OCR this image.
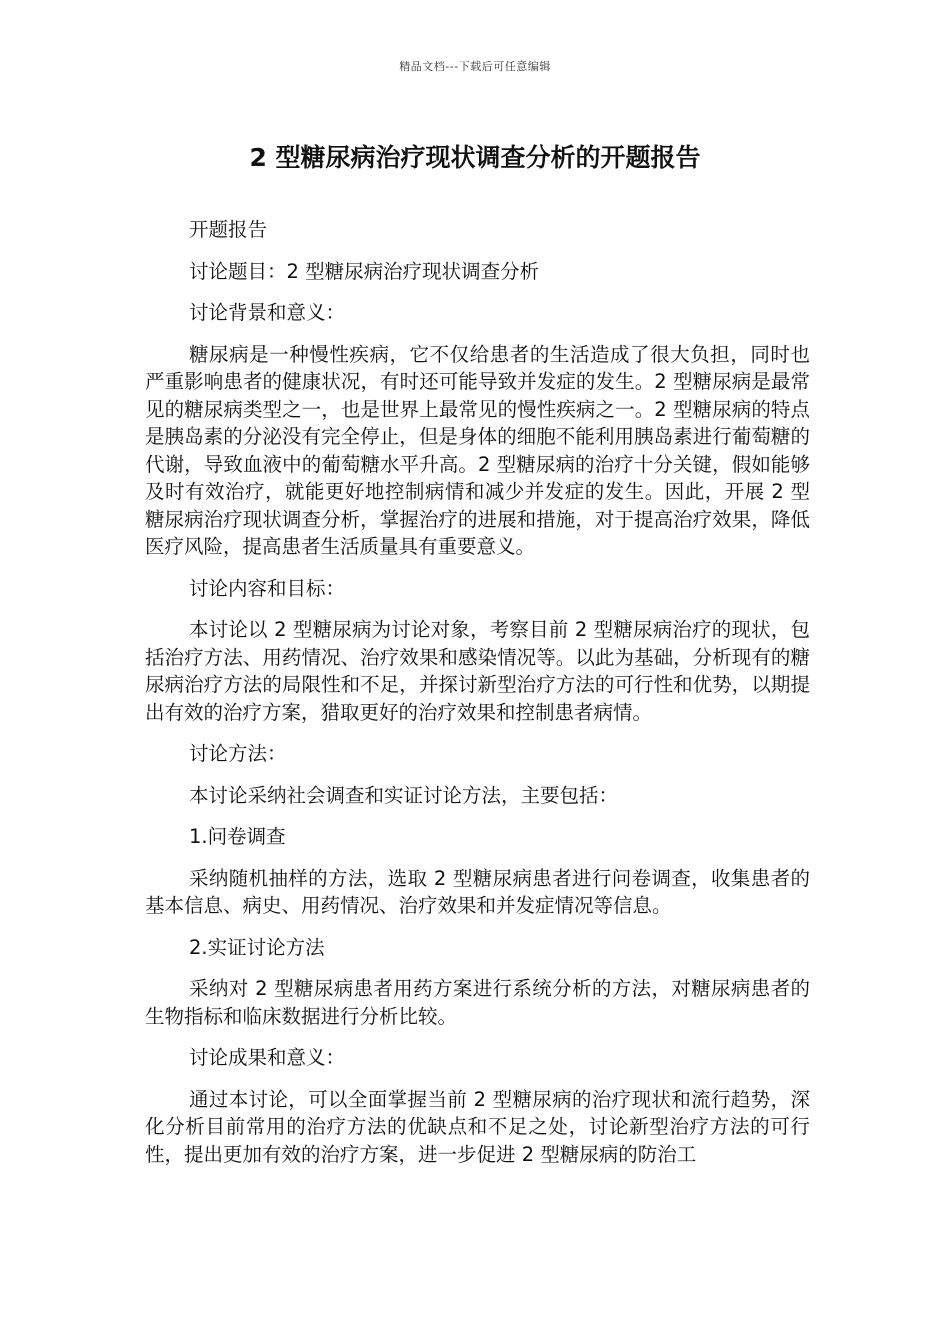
精品文档---下载后可任意编辑
2 型糖尿病治疗现状调查分析的开题报告

开题报告

讨论题目：2 型糖尿病治疗现状调查分析

讨论背景和意义：

糖尿病是一种慢性疾病，它不仅给患者的生活造成了很大负担，同时也严重影响患者的健康状况，有时还可能导致并发症的发生。2 型糖尿病是最常见的糖尿病类型之一，也是世界上最常见的慢性疾病之一。2 型糖尿病的特点是胰岛素的分泌没有完全停止，但是身体的细胞不能利用胰岛素进行葡萄糖的代谢，导致血液中的葡萄糖水平升高。2 型糖尿病的治疗十分关键，假如能够及时有效治疗，就能更好地控制病情和减少并发症的发生。因此，开展 2 型糖尿病治疗现状调查分析，掌握治疗的进展和措施，对于提高治疗效果，降低医疗风险，提高患者生活质量具有重要意义。

讨论内容和目标：

本讨论以 2 型糖尿病为讨论对象，考察目前 2 型糖尿病治疗的现状，包括治疗方法、用药情况、治疗效果和感染情况等。以此为基础，分析现有的糖尿病治疗方法的局限性和不足，并探讨新型治疗方法的可行性和优势，以期提出有效的治疗方案，猎取更好的治疗效果和控制患者病情。

讨论方法：

本讨论采纳社会调查和实证讨论方法，主要包括：

1.问卷调查

采纳随机抽样的方法，选取 2 型糖尿病患者进行问卷调查，收集患者的基本信息、病史、用药情况、治疗效果和并发症情况等信息。

2.实证讨论方法

采纳对 2 型糖尿病患者用药方案进行系统分析的方法，对糖尿病患者的生物指标和临床数据进行分析比较。

讨论成果和意义：

通过本讨论，可以全面掌握当前 2 型糖尿病的治疗现状和流行趋势，深化分析目前常用的治疗方法的优缺点和不足之处，讨论新型治疗方法的可行性，提出更加有效的治疗方案，进一步促进 2 型糖尿病的防治工
